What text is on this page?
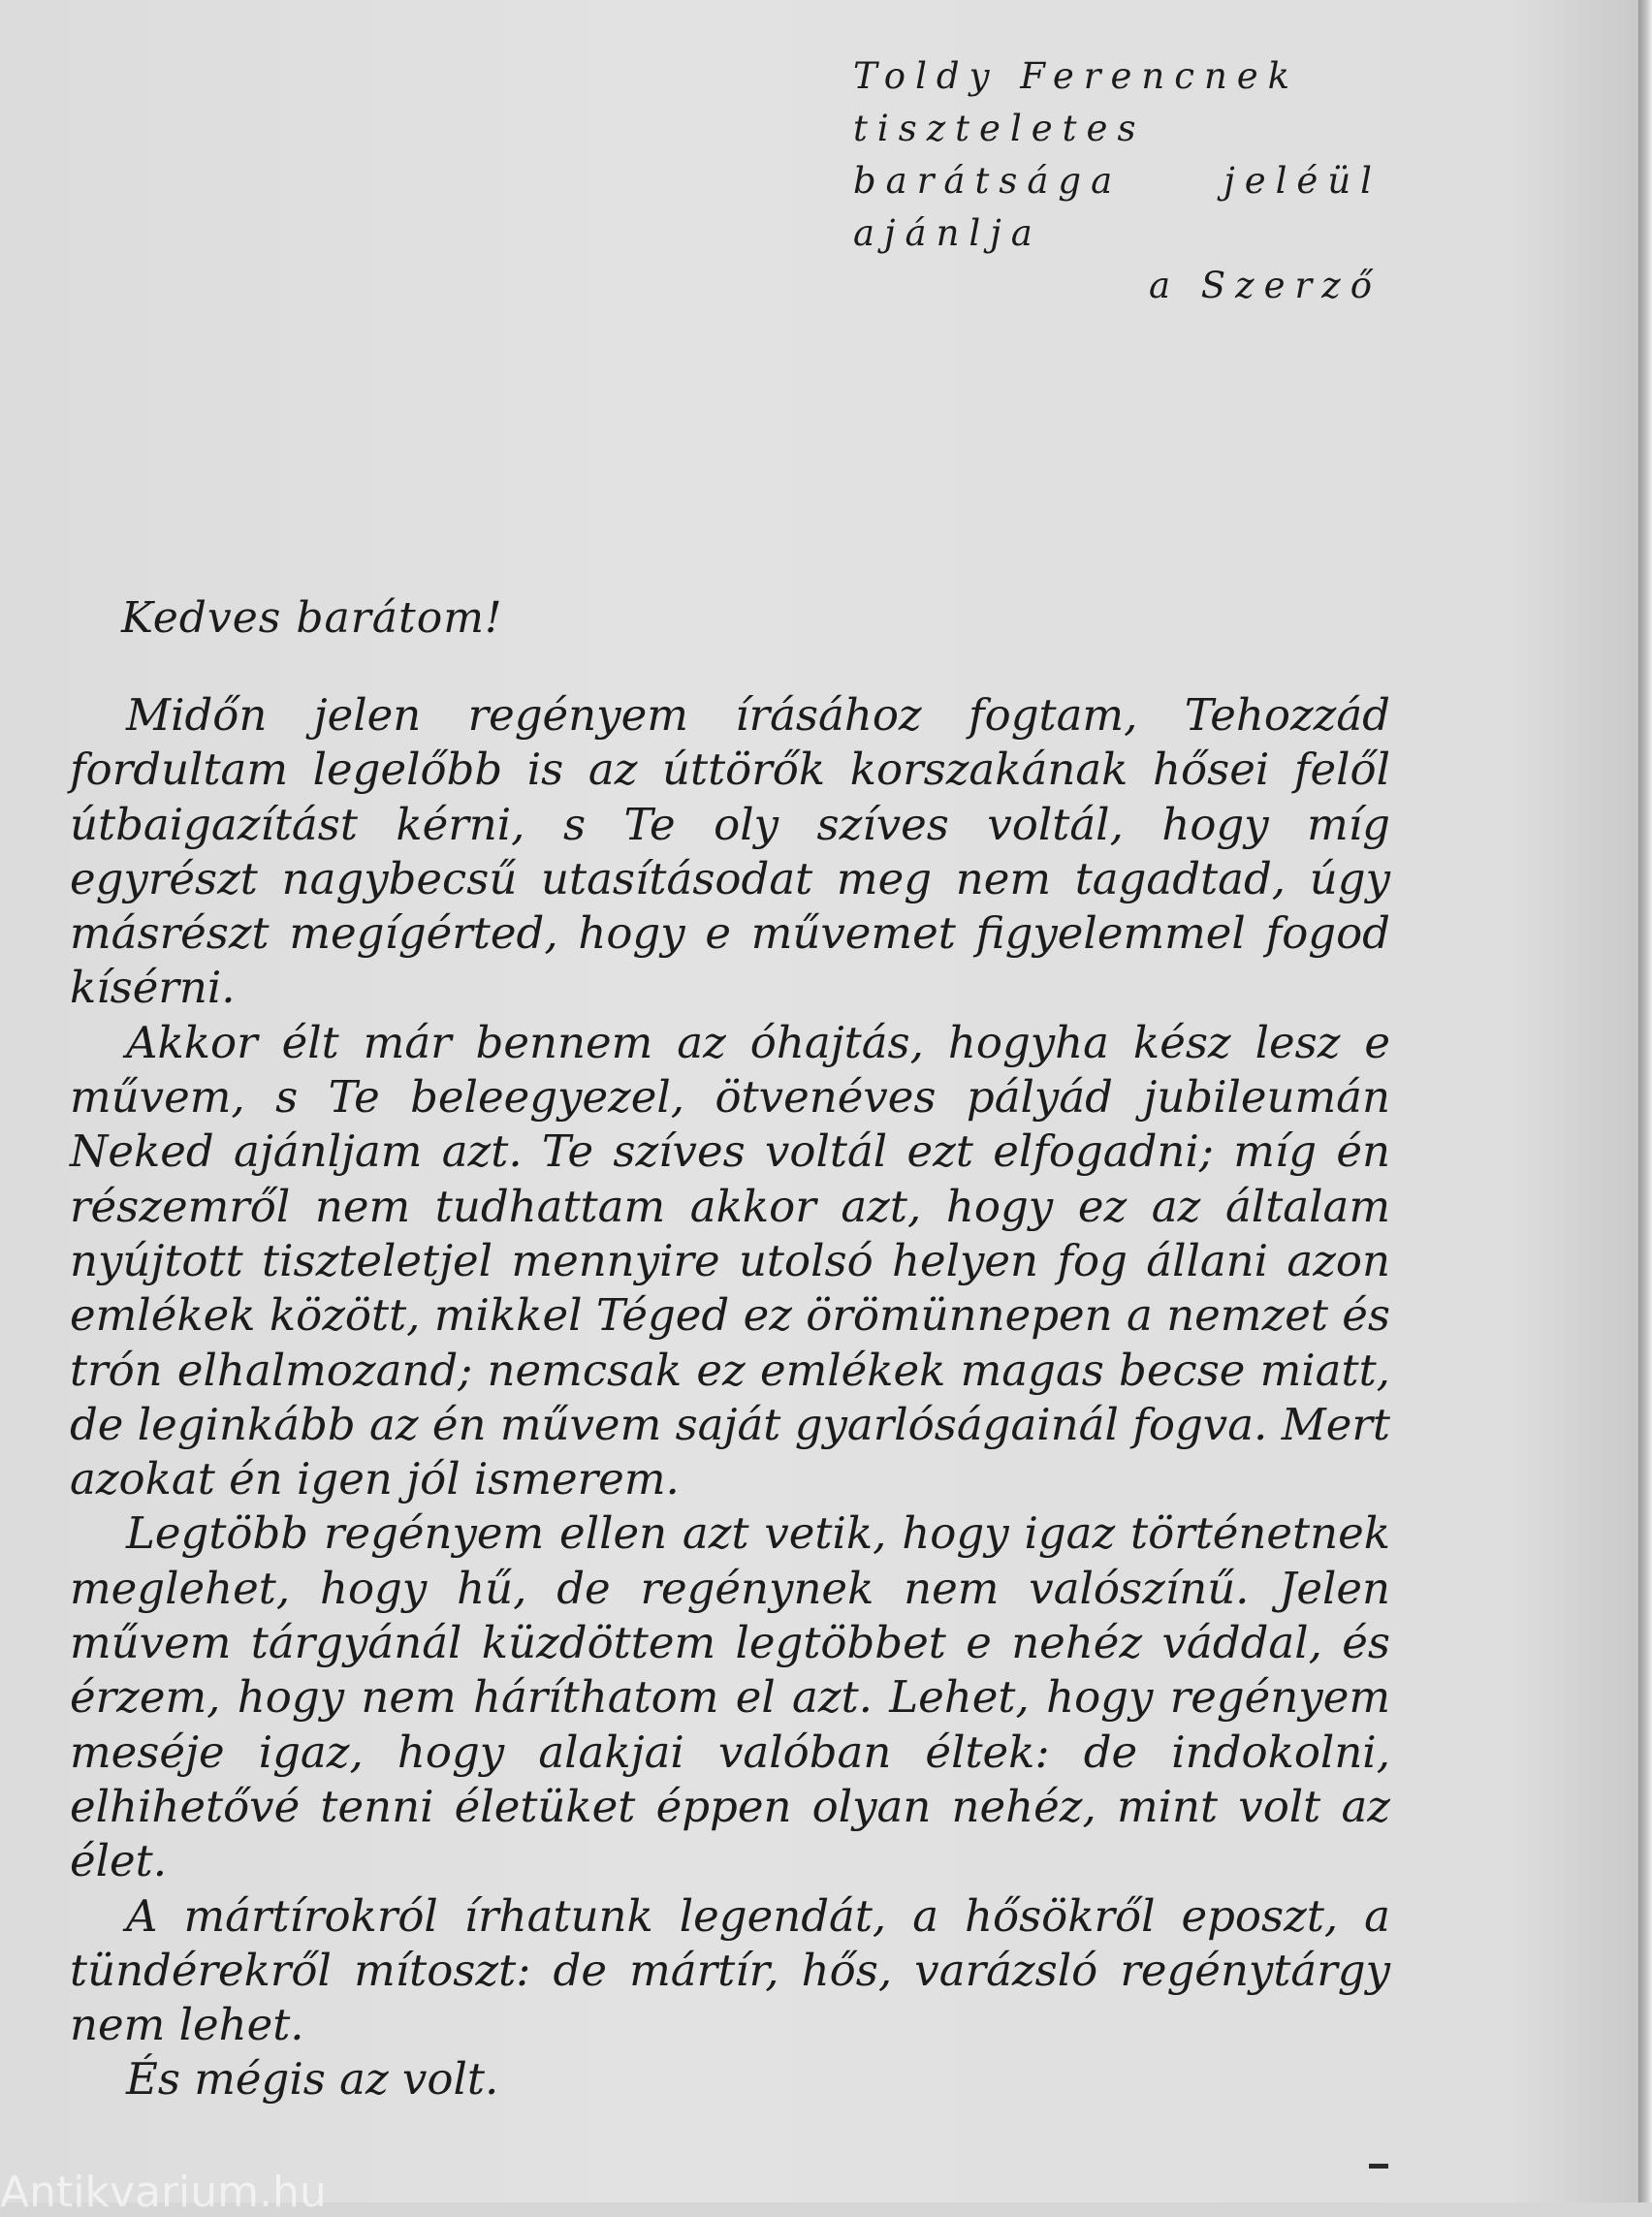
Toldy Ferencnek
tiszteletes
barátsága	jeléül
ajánlja
a Szerző
Kedves barátom!

Midőn jelen regényem írásához fogtam, Tehozzád fordultam legelőbb is az úttörők korszakának hősei felől útbaigazítást kérni, s Te oly szíves voltál, hogy míg egyrészt nagybecsű utasításodat meg nem tagadtad, úgy másrészt megígérted, hogy e művemet figyelemmel fogod kísérni.

Akkor élt már bennem az óhajtás, hogyha kész lesz e művem, s Te beleegyezel, ötvenéves pályád jubileumán Neked ajánljam azt. Te szíves voltál ezt elfogadni; míg én részemről nem tudhattam akkor azt, hogy ez az általam nyújtott tiszteletjel mennyire utolsó helyen fog állani azon emlékek között, mikkel Téged ez örömünnepen a nemzet és trón elhalmozand; nemcsak ez emlékek magas becse miatt, de leginkább az én művem saját gyarlóságainál fogva. Mert azokat én igen jól ismerem.

Legtöbb regényem ellen azt vetik, hogy igaz történetnek meglehet, hogy hű, de regénynek nem valószínű. Jelen művem tárgyánál küzdöttem legtöbbet e nehéz váddal, és érzem, hogy nem háríthatom el azt. Lehet, hogy regényem meséje igaz, hogy alakjai valóban éltek: de indokolni, elhihetővé tenni életüket éppen olyan nehéz, mint volt az élet.

A mártírokról írhatunk legendát, a hősökről eposzt, a tündérekről mítoszt: de mártír, hős, varázsló regénytárgy nem lehet.

És mégis az volt.

Antikvarium.hu
